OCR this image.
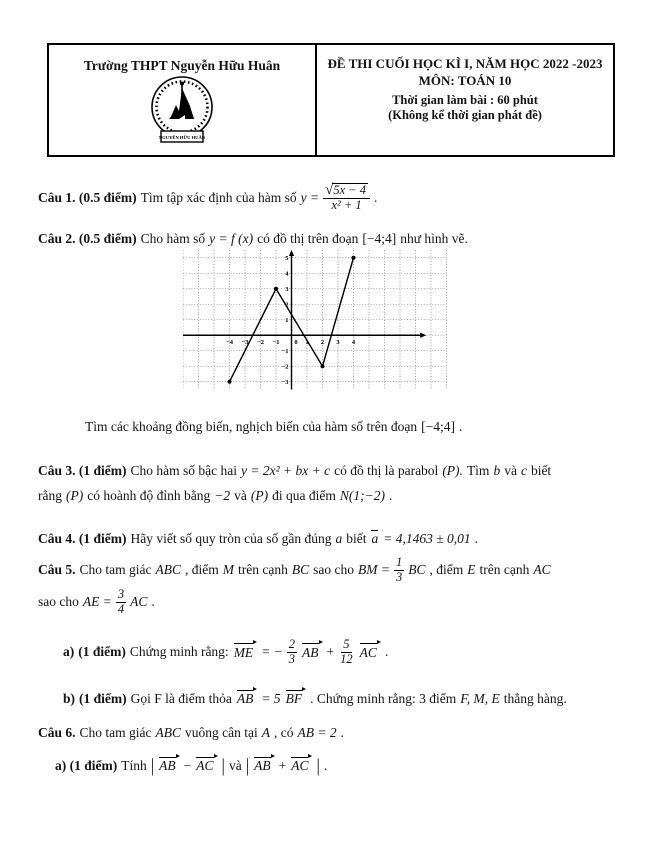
Trường THPT Nguyễn Hữu Huân
NGUYỄN HỮU HUÂN
ĐỀ THI CUỐI HỌC KÌ I, NĂM HỌC 2022 -2023
MÔN: TOÁN 10
Thời gian làm bài : 60 phút
(Không kể thời gian phát đề)
Câu 1. (0.5 điểm) Tìm tập xác định của hàm số $y = \frac{√ 5x - 4}{\text{x² + 1}}$ .
Câu 2. (0.5 điểm) Cho hàm số y = f (x) có đồ thị trên đoạn [−4;4] như hình vẽ.
−4 −3 −2 −1 0 1 2 3 4
−3
−2
−1
1
2
3
4
5
Tìm các khoảng đồng biến, nghịch biến của hàm số trên đoạn [−4;4] .
Câu 3. (1 điểm) Cho hàm số bậc hai y = 2x² + bx + c có đồ thị là parabol (P). Tìm b và c biết
rằng (P) có hoành độ đỉnh bằng −2 và (P) đi qua điểm N(1;−2) .
Câu 4. (1 điểm) Hãy viết số quy tròn của số gần đúng a biết a = 4,1463 ± 0,01 .
Câu 5. Cho tam giác ABC , điểm M trên cạnh BC sao cho BM = $\frac{1}{3}$ BC , điểm E trên cạnh AC
sao cho AE = $\frac{3}{4}$ AC .
a) (1 điểm) Chứng minh rằng: ME = − $\frac{2}{3}$ AB + $\frac{5}{12}$ AC .
b) (1 điểm) Gọi F là điểm thỏa AB = 5 BF . Chứng minh rằng: 3 điểm F, M, E thẳng hàng.
Câu 6. Cho tam giác ABC vuông cân tại A , có AB = 2 .
a) (1 điểm) Tính | AB − AC | và | AB + AC | .
